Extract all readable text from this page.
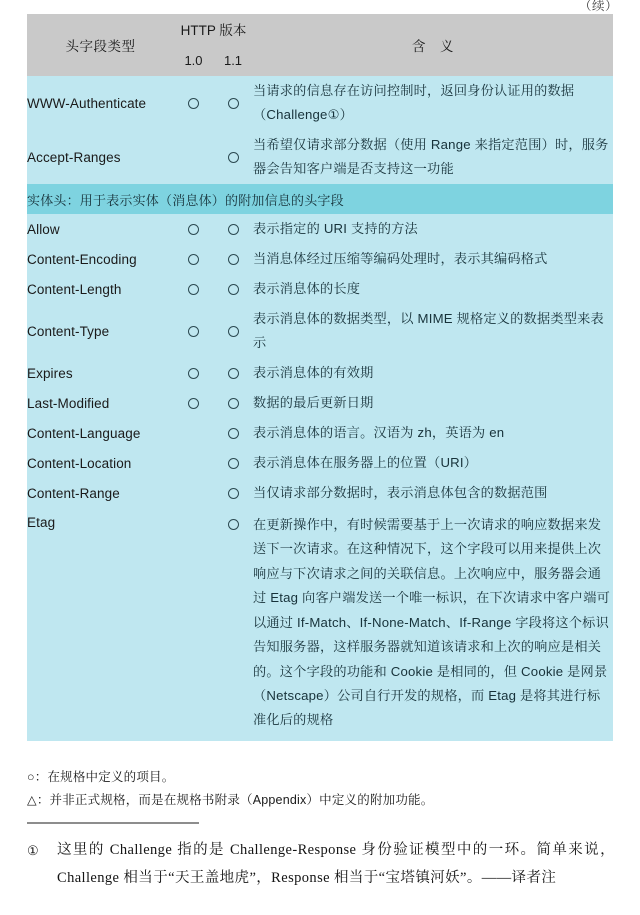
（续）
头字段类型	HTTP 版本		含　义
	1.0	1.1	
WWW-Authenticate			当请求的信息存在访问控制时，返回身份认证用的数据（Challenge①）
Accept-Ranges			当希望仅请求部分数据（使用 Range 来指定范围）时，服务器会告知客户端是否支持这一功能
实体头：用于表示实体（消息体）的附加信息的头字段			
Allow			表示指定的 URI 支持的方法
Content-Encoding			当消息体经过压缩等编码处理时，表示其编码格式
Content-Length			表示消息体的长度
Content-Type			表示消息体的数据类型，以 MIME 规格定义的数据类型来表示
Expires			表示消息体的有效期
Last-Modified			数据的最后更新日期
Content-Language			表示消息体的语言。汉语为 zh，英语为 en
Content-Location			表示消息体在服务器上的位置（URI）
Content-Range			当仅请求部分数据时，表示消息体包含的数据范围
Etag			在更新操作中，有时候需要基于上一次请求的响应数据来发送下一次请求。在这种情况下，这个字段可以用来提供上次响应与下次请求之间的关联信息。上次响应中，服务器会通过 Etag 向客户端发送一个唯一标识，在下次请求中客户端可以通过 If-Match、If-None-Match、If-Range 字段将这个标识告知服务器，这样服务器就知道该请求和上次的响应是相关的。这个字段的功能和 Cookie 是相同的，但 Cookie 是网景（Netscape）公司自行开发的规格，而 Etag 是将其进行标准化后的规格
○：在规格中定义的项目。
△：并非正式规格，而是在规格书附录（Appendix）中定义的附加功能。
①	这里的 Challenge 指的是 Challenge-Response 身份验证模型中的一环。简单来说，Challenge 相当于“天王盖地虎”，Response 相当于“宝塔镇河妖”。——译者注
